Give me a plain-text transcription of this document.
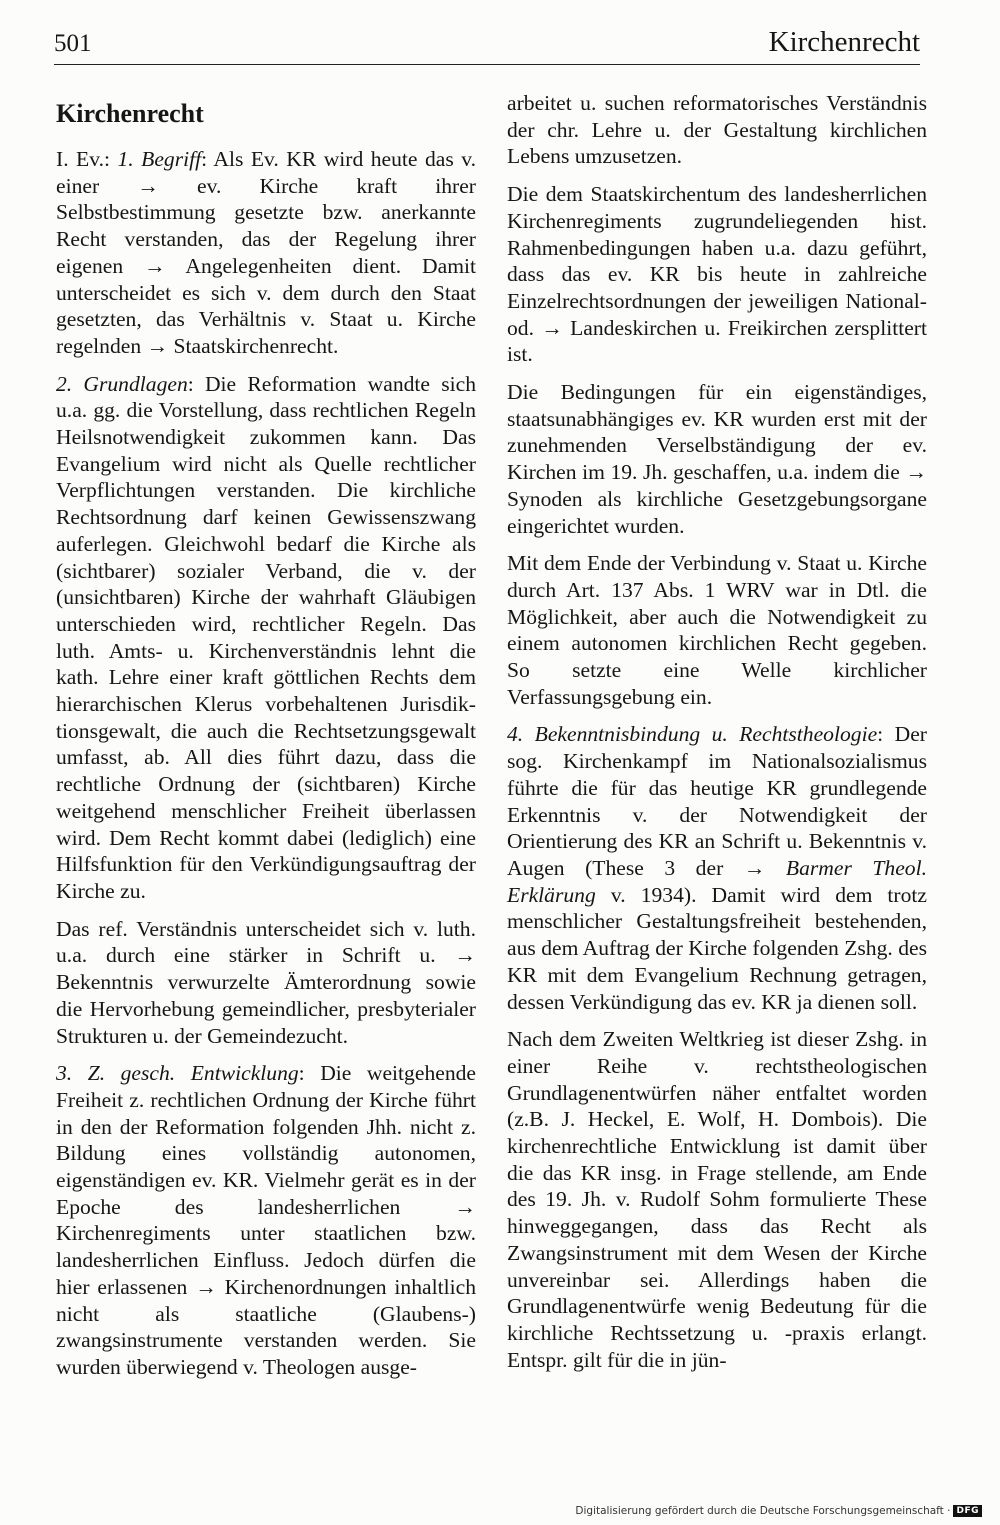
501	Kirchenrecht
Kirchenrecht

I. Ev.: 1. Begriff: Als Ev. KR wird heute das v. einer → ev. Kirche kraft ihrer Selbstbestimmung gesetzte bzw. anerkannte Recht verstanden, das der Regelung ihrer eigenen → Angelegenheiten dient. Damit unterscheidet es sich v. dem durch den Staat gesetzten, das Verhältnis v. Staat u. Kirche regelnden → Staatskirchenrecht.

2. Grundlagen: Die Reformation wandte sich u.a. gg. die Vorstellung, dass rechtlichen Regeln Heilsnotwendigkeit zukommen kann. Das Evangelium wird nicht als Quelle rechtlicher Verpflichtungen verstanden. Die kirchliche Rechtsordnung darf keinen Gewissenszwang auferlegen. Gleichwohl bedarf die Kirche als (sichtbarer) sozialer Verband, die v. der (unsichtbaren) Kirche der wahrhaft Gläubigen unterschieden wird, rechtlicher Regeln. Das luth. Amts- u. Kirchenverständnis lehnt die kath. Lehre einer kraft göttlichen Rechts dem hierarchischen Klerus vorbehaltenen Jurisdiktionsgewalt, die auch die Rechtsetzungsgewalt umfasst, ab. All dies führt dazu, dass die rechtliche Ordnung der (sichtbaren) Kirche weitgehend menschlicher Freiheit überlassen wird. Dem Recht kommt dabei (lediglich) eine Hilfsfunktion für den Verkündigungsauftrag der Kirche zu.

Das ref. Verständnis unterscheidet sich v. luth. u.a. durch eine stärker in Schrift u. → Bekenntnis verwurzelte Ämterordnung sowie die Hervorhebung gemeindlicher, presbyterialer Strukturen u. der Gemeindezucht.

3. Z. gesch. Entwicklung: Die weitgehende Freiheit z. rechtlichen Ordnung der Kirche führt in den der Reformation folgenden Jhh. nicht z. Bildung eines vollständig autonomen, eigenständigen ev. KR. Vielmehr gerät es in der Epoche des landesherrlichen → Kirchenregiments unter staatlichen bzw. landesherrlichen Einfluss. Jedoch dürfen die hier erlassenen → Kirchenordnungen inhaltlich nicht als staatliche (Glaubens-) zwangsinstrumente verstanden werden. Sie wurden überwiegend v. Theologen ausge-

arbeitet u. suchen reformatorisches Verständnis der chr. Lehre u. der Gestaltung kirchlichen Lebens umzusetzen.

Die dem Staatskirchentum des landesherrlichen Kirchenregiments zugrundeliegenden hist. Rahmenbedingungen haben u.a. dazu geführt, dass das ev. KR bis heute in zahlreiche Einzelrechtsordnungen der jeweiligen National- od. → Landeskirchen u. Freikirchen zersplittert ist.

Die Bedingungen für ein eigenständiges, staatsunabhängiges ev. KR wurden erst mit der zunehmenden Verselbständigung der ev. Kirchen im 19. Jh. geschaffen, u.a. indem die → Synoden als kirchliche Gesetzgebungsorgane eingerichtet wurden.

Mit dem Ende der Verbindung v. Staat u. Kirche durch Art. 137 Abs. 1 WRV war in Dtl. die Möglichkeit, aber auch die Notwendigkeit zu einem autonomen kirchlichen Recht gegeben. So setzte eine Welle kirchlicher Verfassungsgebung ein.

4. Bekenntnisbindung u. Rechtstheologie: Der sog. Kirchenkampf im Nationalsozialismus führte die für das heutige KR grundlegende Erkenntnis v. der Notwendigkeit der Orientierung des KR an Schrift u. Bekenntnis v. Augen (These 3 der → Barmer Theol. Erklärung v. 1934). Damit wird dem trotz menschlicher Gestaltungsfreiheit bestehenden, aus dem Auftrag der Kirche folgenden Zshg. des KR mit dem Evangelium Rechnung getragen, dessen Verkündigung das ev. KR ja dienen soll.

Nach dem Zweiten Weltkrieg ist dieser Zshg. in einer Reihe v. rechtstheologischen Grundlagenentwürfen näher entfaltet worden (z.B. J. Heckel, E. Wolf, H. Dombois). Die kirchenrechtliche Entwicklung ist damit über die das KR insg. in Frage stellende, am Ende des 19. Jh. v. Rudolf Sohm formulierte These hinweggegangen, dass das Recht als Zwangsinstrument mit dem Wesen der Kirche unvereinbar sei. Allerdings haben die Grundlagenentwürfe wenig Bedeutung für die kirchliche Rechtssetzung u. -praxis erlangt. Entspr. gilt für die in jün-

Digitalisierung gefördert durch die Deutsche Forschungsgemeinschaft · DFG
